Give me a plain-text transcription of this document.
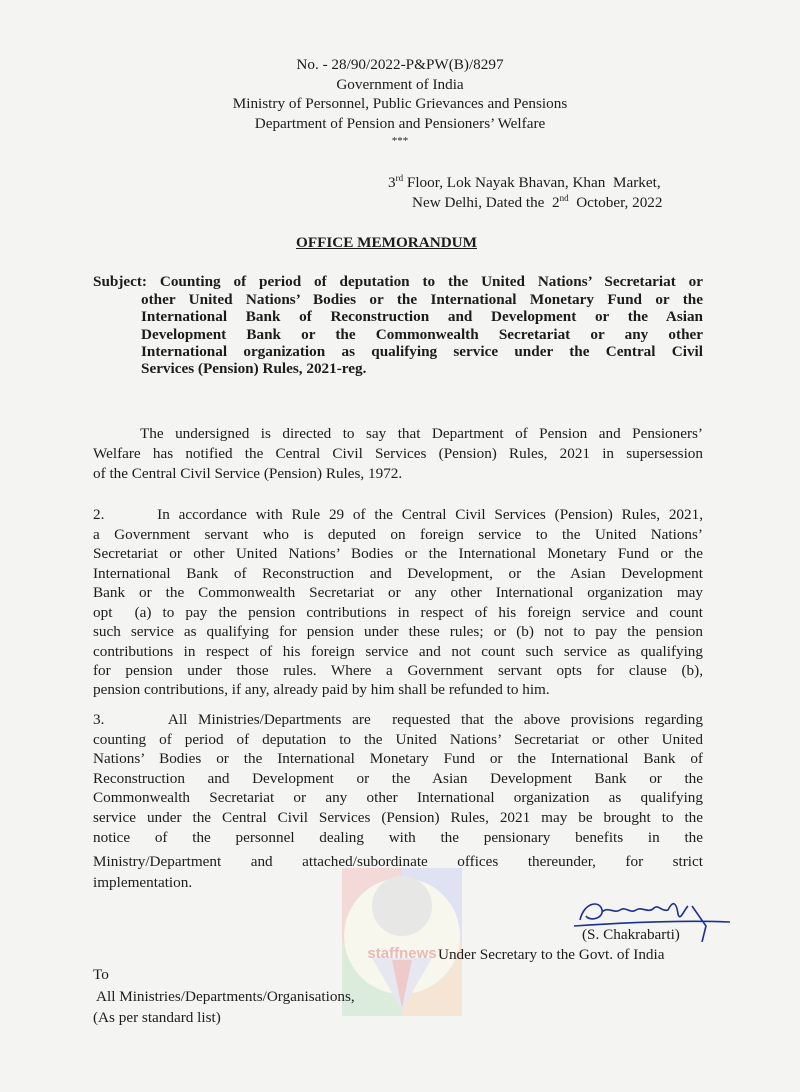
No. - 28/90/2022-P&PW(B)/8297
Government of India
Ministry of Personnel, Public Grievances and Pensions
Department of Pension and Pensioners’ Welfare
***
3rd Floor, Lok Nayak Bhavan, Khan  Market,
New Delhi, Dated the  2nd  October, 2022
OFFICE MEMORANDUM
Subject: Counting of period of deputation to the United Nations’ Secretariat or
other United Nations’ Bodies or the International Monetary Fund or the
International Bank of Reconstruction and Development or the Asian
Development Bank or the Commonwealth Secretariat or any other
International organization as qualifying service under the Central Civil
Services (Pension) Rules, 2021-reg.
The undersigned is directed to say that Department of Pension and Pensioners’
Welfare has notified the Central Civil Services (Pension) Rules, 2021 in supersession
of the Central Civil Service (Pension) Rules, 1972.
2.      In accordance with Rule 29 of the Central Civil Services (Pension) Rules, 2021,
a Government servant who is deputed on foreign service to the United Nations’
Secretariat or other United Nations’ Bodies or the International Monetary Fund or the
International Bank of Reconstruction and Development, or the Asian Development
Bank or the Commonwealth Secretariat or any other International organization may
opt  (a) to pay the pension contributions in respect of his foreign service and count
such service as qualifying for pension under these rules; or (b) not to pay the pension
contributions in respect of his foreign service and not count such service as qualifying
for pension under those rules. Where a Government servant opts for clause (b),
pension contributions, if any, already paid by him shall be refunded to him.
3.      All Ministries/Departments are  requested that the above provisions regarding
counting of period of deputation to the United Nations’ Secretariat or other United
Nations’ Bodies or the International Monetary Fund or the International Bank of
Reconstruction and Development or the Asian Development Bank or the
Commonwealth Secretariat or any other International organization as qualifying
service under the Central Civil Services (Pension) Rules, 2021 may be brought to the
notice of the personnel dealing with the pensionary benefits in the
Ministry/Department and attached/subordinate offices thereunder, for strict
implementation.
staffnews
(S. Chakrabarti)
Under Secretary to the Govt. of India
To
All Ministries/Departments/Organisations,
(As per standard list)
